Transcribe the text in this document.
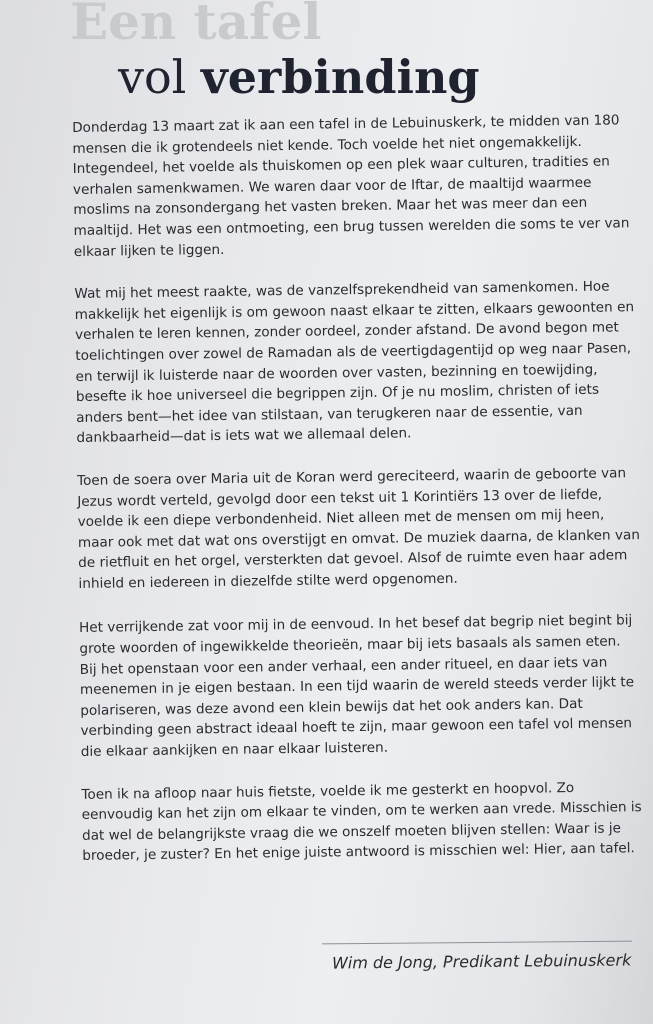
Een tafel
vol verbinding

Donderdag 13 maart zat ik aan een tafel in de Lebuinuskerk, te midden van 180 mensen die ik grotendeels niet kende. Toch voelde het niet ongemakkelijk. Integendeel, het voelde als thuiskomen op een plek waar culturen, tradities en verhalen samenkwamen. We waren daar voor de Iftar, de maaltijd waarmee moslims na zonsondergang het vasten breken. Maar het was meer dan een maaltijd. Het was een ontmoeting, een brug tussen werelden die soms te ver van elkaar lijken te liggen.

Wat mij het meest raakte, was de vanzelfsprekendheid van samenkomen. Hoe makkelijk het eigenlijk is om gewoon naast elkaar te zitten, elkaars gewoonten en verhalen te leren kennen, zonder oordeel, zonder afstand. De avond begon met toelichtingen over zowel de Ramadan als de veertigdagentijd op weg naar Pasen, en terwijl ik luisterde naar de woorden over vasten, bezinning en toewijding, besefte ik hoe universeel die begrippen zijn. Of je nu moslim, christen of iets anders bent—het idee van stilstaan, van terugkeren naar de essentie, van dankbaarheid—dat is iets wat we allemaal delen.

Toen de soera over Maria uit de Koran werd gereciteerd, waarin de geboorte van Jezus wordt verteld, gevolgd door een tekst uit 1 Korintiërs 13 over de liefde, voelde ik een diepe verbondenheid. Niet alleen met de mensen om mij heen, maar ook met dat wat ons overstijgt en omvat. De muziek daarna, de klanken van de rietfluit en het orgel, versterkten dat gevoel. Alsof de ruimte even haar adem inhield en iedereen in diezelfde stilte werd opgenomen.

Het verrijkende zat voor mij in de eenvoud. In het besef dat begrip niet begint bij grote woorden of ingewikkelde theorieën, maar bij iets basaals als samen eten. Bij het openstaan voor een ander verhaal, een ander ritueel, en daar iets van meenemen in je eigen bestaan. In een tijd waarin de wereld steeds verder lijkt te polariseren, was deze avond een klein bewijs dat het ook anders kan. Dat verbinding geen abstract ideaal hoeft te zijn, maar gewoon een tafel vol mensen die elkaar aankijken en naar elkaar luisteren.

Toen ik na afloop naar huis fietste, voelde ik me gesterkt en hoopvol. Zo eenvoudig kan het zijn om elkaar te vinden, om te werken aan vrede. Misschien is dat wel de belangrijkste vraag die we onszelf moeten blijven stellen: Waar is je broeder, je zuster? En het enige juiste antwoord is misschien wel: Hier, aan tafel.

Wim de Jong, Predikant Lebuinuskerk
